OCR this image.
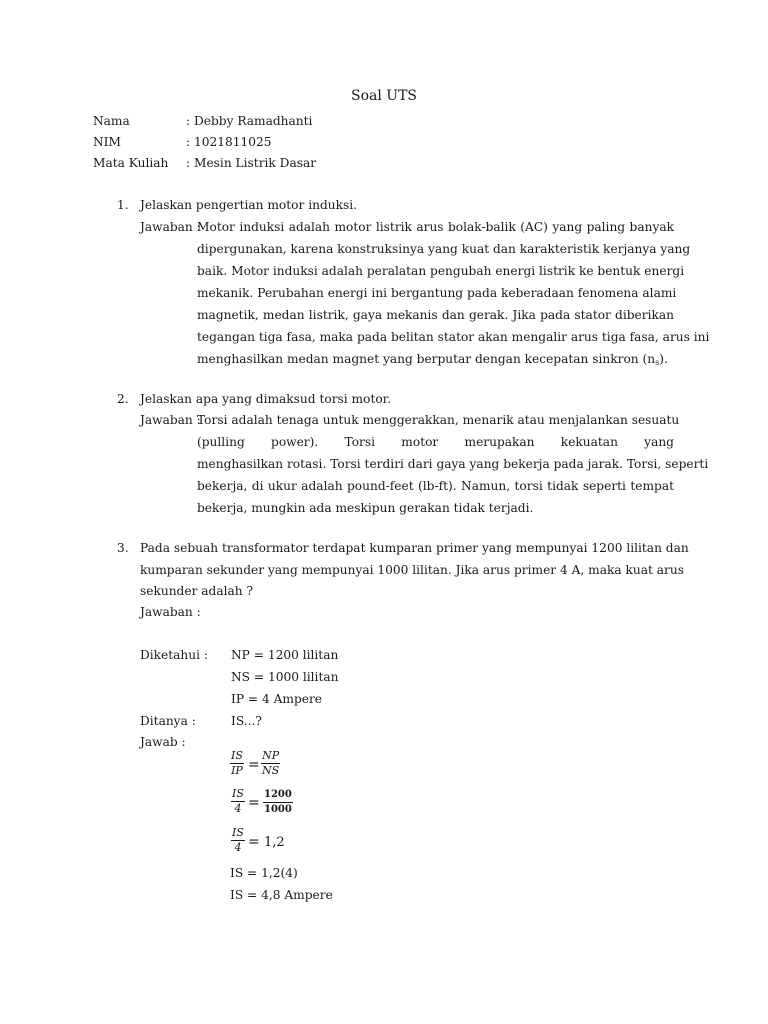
Soal UTS
Nama	: Debby Ramadhanti
NIM	: 1021811025
Mata Kuliah : Mesin Listrik Dasar
1. Jelaskan pengertian motor induksi.
Jawaban :
Motor induksi adalah motor listrik arus bolak-balik (AC) yang paling banyak
dipergunakan, karena konstruksinya yang kuat dan karakteristik kerjanya yang
baik. Motor induksi adalah peralatan pengubah energi listrik ke bentuk energi
mekanik. Perubahan energi ini bergantung pada keberadaan fenomena alami
magnetik, medan listrik, gaya mekanis dan gerak. Jika pada stator diberikan
tegangan tiga fasa, maka pada belitan stator akan mengalir arus tiga fasa, arus ini
menghasilkan medan magnet yang berputar dengan kecepatan sinkron $(n_s)$.
2. Jelaskan apa yang dimaksud torsi motor.
Jawaban :
Torsi adalah tenaga untuk menggerakkan, menarik atau menjalankan sesuatu
(pulling power). Torsi motor merupakan kekuatan yang
menghasilkan rotasi. Torsi terdiri dari gaya yang bekerja pada jarak. Torsi, seperti
bekerja, di ukur adalah pound-feet (lb-ft). Namun, torsi tidak seperti tempat
bekerja, mungkin ada meskipun gerakan tidak terjadi.
3. Pada sebuah transformator terdapat kumparan primer yang mempunyai 1200 lilitan dan
kumparan sekunder yang mempunyai 1000 lilitan. Jika arus primer 4 A, maka kuat arus
sekunder adalah ?
Jawaban :
Diketahui : NP = 1200 lilitan
NS = 1000 lilitan
IP = 4 Ampere
Ditanya :	IS...?
Jawab :
IS
IP =
NP
NS
IS
4 =
1200
1000
IS
4 = 1,2
IS = 1,2(4)
IS = 4,8 Ampere
